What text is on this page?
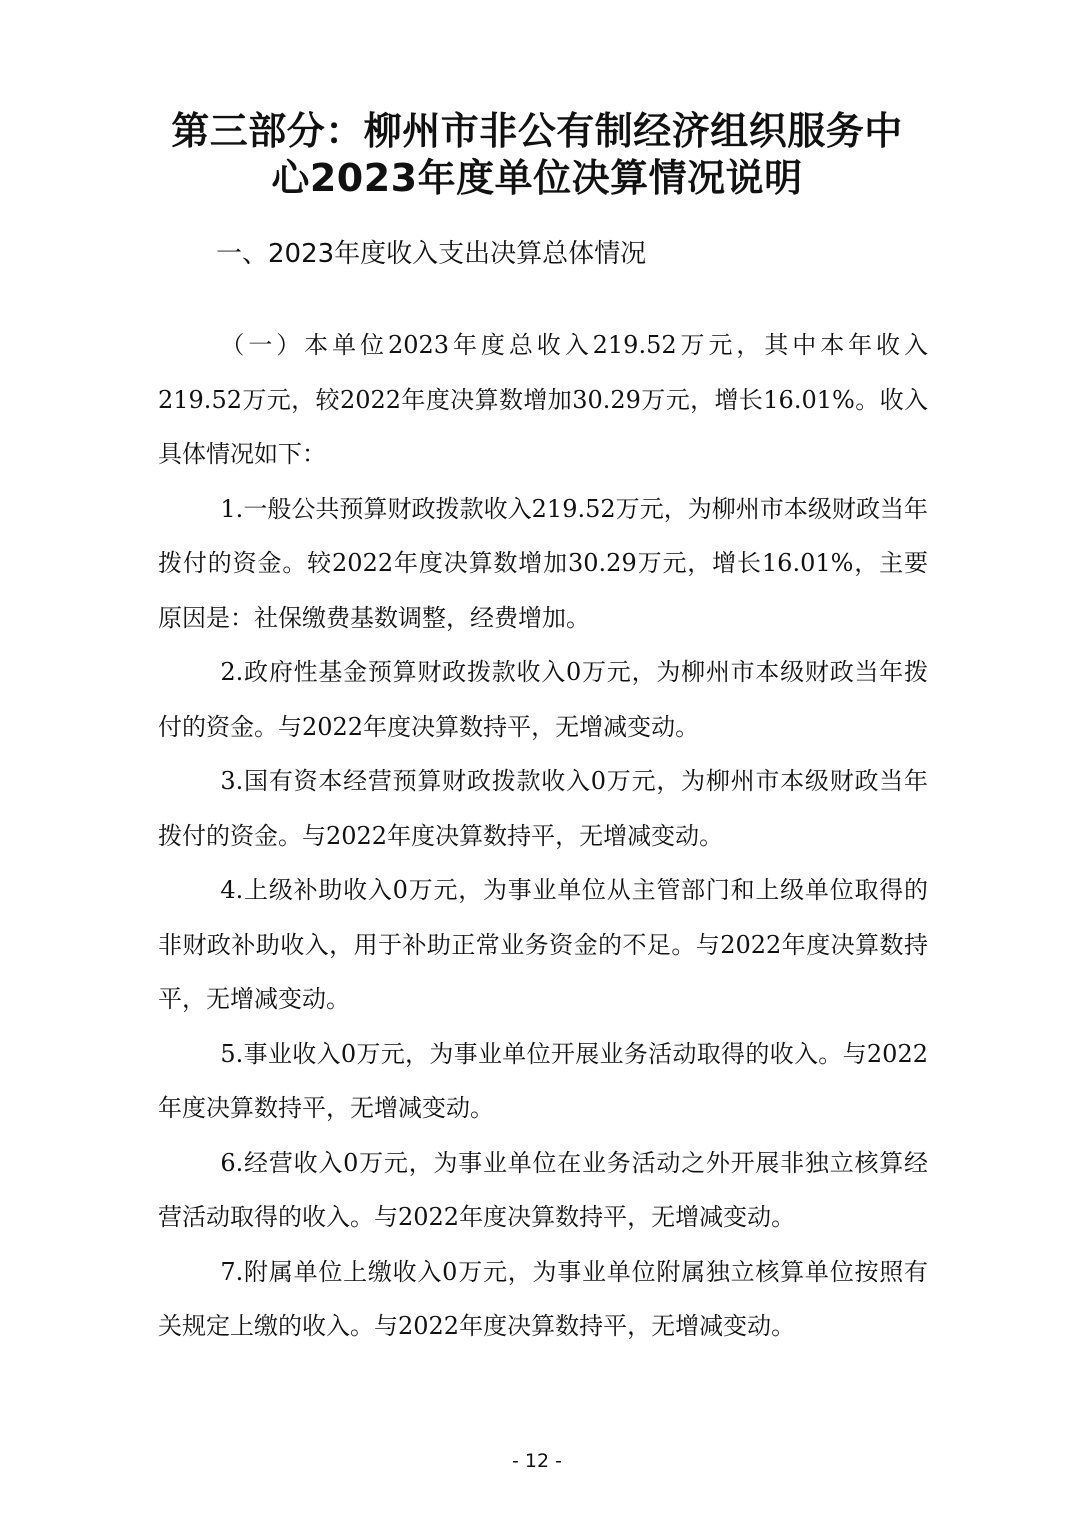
第三部分：柳州市非公有制经济组织服务中
心2023年度单位决算情况说明
一、2023年度收入支出决算总体情况

（一）本单位2023年度总收入219.52万元，其中本年收入219.52万元，较2022年度决算数增加30.29万元，增长16.01%。收入具体情况如下：

1.一般公共预算财政拨款收入219.52万元，为柳州市本级财政当年拨付的资金。较2022年度决算数增加30.29万元，增长16.01%，主要原因是：社保缴费基数调整，经费增加。

2.政府性基金预算财政拨款收入0万元，为柳州市本级财政当年拨付的资金。与2022年度决算数持平，无增减变动。

3.国有资本经营预算财政拨款收入0万元，为柳州市本级财政当年拨付的资金。与2022年度决算数持平，无增减变动。

4.上级补助收入0万元，为事业单位从主管部门和上级单位取得的非财政补助收入，用于补助正常业务资金的不足。与2022年度决算数持平，无增减变动。

5.事业收入0万元，为事业单位开展业务活动取得的收入。与2022年度决算数持平，无增减变动。

6.经营收入0万元，为事业单位在业务活动之外开展非独立核算经营活动取得的收入。与2022年度决算数持平，无增减变动。

7.附属单位上缴收入0万元，为事业单位附属独立核算单位按照有关规定上缴的收入。与2022年度决算数持平，无增减变动。

- 12 -
